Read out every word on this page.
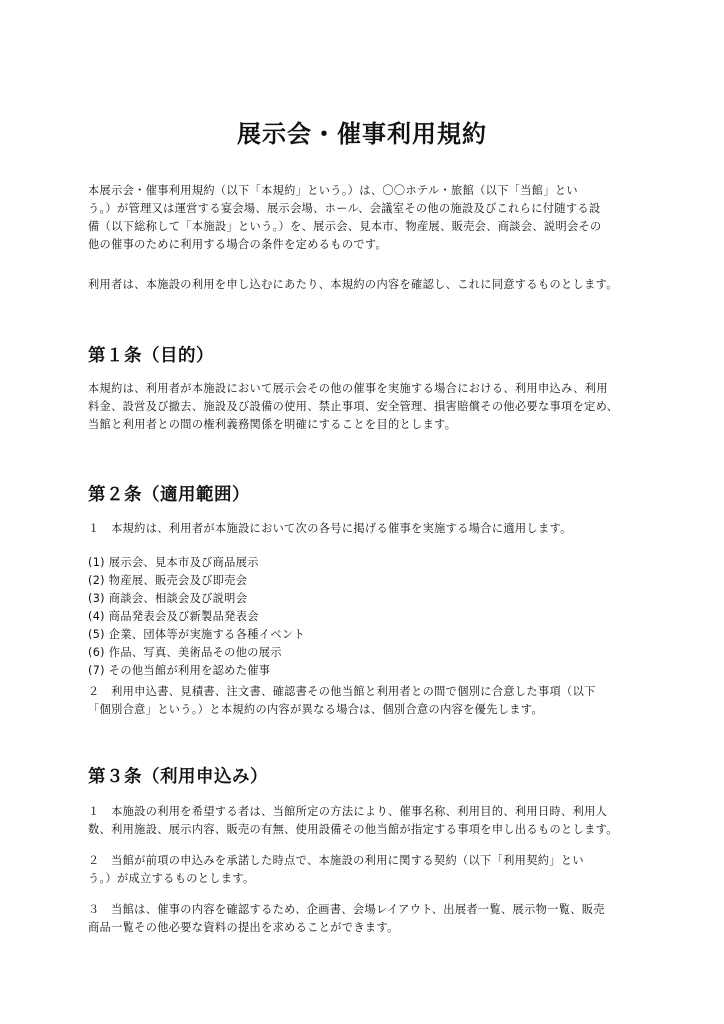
展示会・催事利用規約

本展示会・催事利用規約（以下「本規約」という。）は、〇〇ホテル・旅館（以下「当館」とい
う。）が管理又は運営する宴会場、展示会場、ホール、会議室その他の施設及びこれらに付随する設
備（以下総称して「本施設」という。）を、展示会、見本市、物産展、販売会、商談会、説明会その
他の催事のために利用する場合の条件を定めるものです。

利用者は、本施設の利用を申し込むにあたり、本規約の内容を確認し、これに同意するものとします。

第１条（目的）

本規約は、利用者が本施設において展示会その他の催事を実施する場合における、利用申込み、利用
料金、設営及び撤去、施設及び設備の使用、禁止事項、安全管理、損害賠償その他必要な事項を定め、
当館と利用者との間の権利義務関係を明確にすることを目的とします。

第２条（適用範囲）

１　本規約は、利用者が本施設において次の各号に掲げる催事を実施する場合に適用します。

(1) 展示会、見本市及び商品展示
(2) 物産展、販売会及び即売会
(3) 商談会、相談会及び説明会
(4) 商品発表会及び新製品発表会
(5) 企業、団体等が実施する各種イベント
(6) 作品、写真、美術品その他の展示
(7) その他当館が利用を認めた催事

２　利用申込書、見積書、注文書、確認書その他当館と利用者との間で個別に合意した事項（以下
「個別合意」という。）と本規約の内容が異なる場合は、個別合意の内容を優先します。

第３条（利用申込み）

１　本施設の利用を希望する者は、当館所定の方法により、催事名称、利用目的、利用日時、利用人
数、利用施設、展示内容、販売の有無、使用設備その他当館が指定する事項を申し出るものとします。

２　当館が前項の申込みを承諾した時点で、本施設の利用に関する契約（以下「利用契約」とい
う。）が成立するものとします。

３　当館は、催事の内容を確認するため、企画書、会場レイアウト、出展者一覧、展示物一覧、販売
商品一覧その他必要な資料の提出を求めることができます。
